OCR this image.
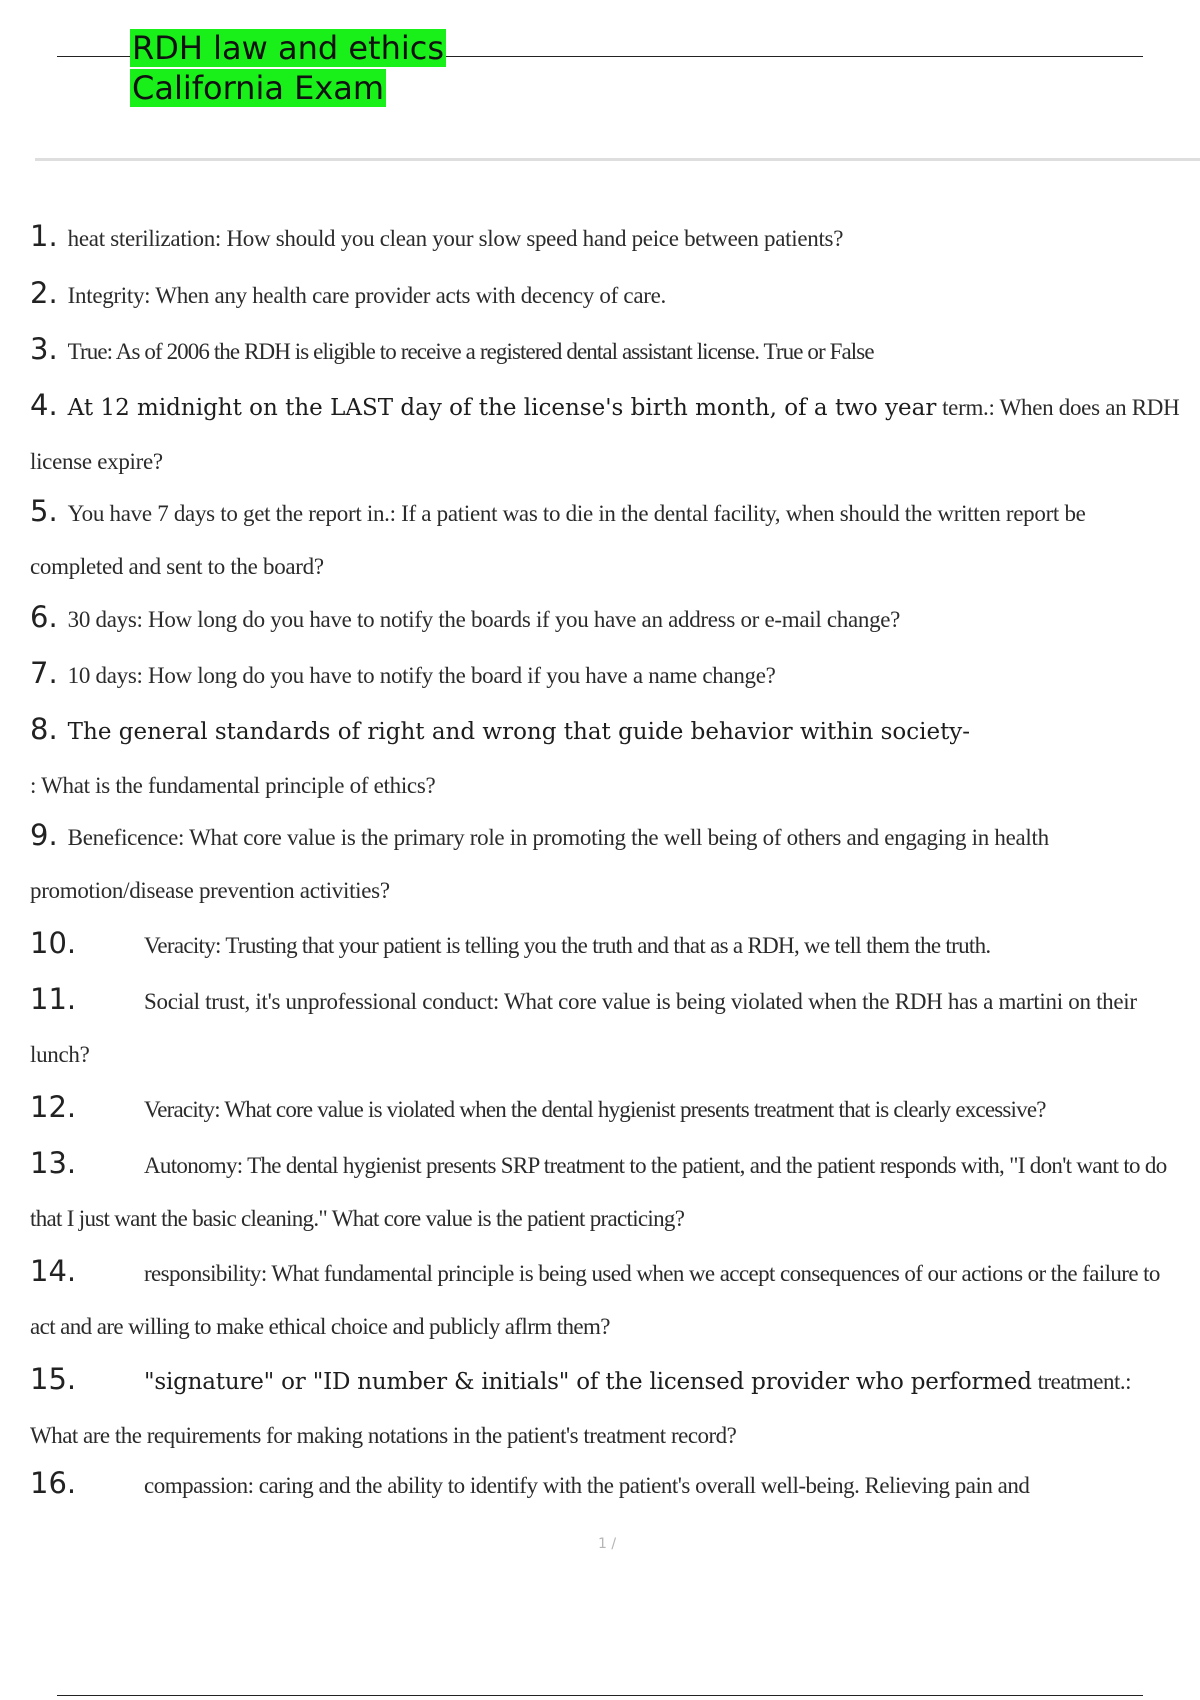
RDH law and ethics California Exam
1. heat sterilization: How should you clean your slow speed hand peice between patients?
2. Integrity: When any health care provider acts with decency of care.
3. True: As of 2006 the RDH is eligible to receive a registered dental assistant license. True or False
4. At 12 midnight on the LAST day of the license's birth month, of a two year term.: When does an RDH license expire?
5. You have 7 days to get the report in.: If a patient was to die in the dental facility, when should the written report be completed and sent to the board?
6. 30 days: How long do you have to notify the boards if you have an address or e-mail change?
7. 10 days: How long do you have to notify the board if you have a name change?
8. The general standards of right and wrong that guide behavior within society-
: What is the fundamental principle of ethics?
9. Beneficence: What core value is the primary role in promoting the well being of others and engaging in health promotion/disease prevention activities?
10.	Veracity: Trusting that your patient is telling you the truth and that as a RDH, we tell them the truth.
11.	Social trust, it's unprofessional conduct: What core value is being violated when the RDH has a martini on their lunch?
12.	Veracity: What core value is violated when the dental hygienist presents treatment that is clearly excessive?
13.	Autonomy: The dental hygienist presents SRP treatment to the patient, and the patient responds with, "I don't want to do that I just want the basic cleaning." What core value is the patient practicing?
14.	responsibility: What fundamental principle is being used when we accept consequences of our actions or the failure to act and are willing to make ethical choice and publicly aflrm them?
15.	"signature" or "ID number & initials" of the licensed provider who performed treatment.: What are the requirements for making notations in the patient's treatment record?
16.	compassion: caring and the ability to identify with the patient's overall well-being. Relieving pain and
1 /
